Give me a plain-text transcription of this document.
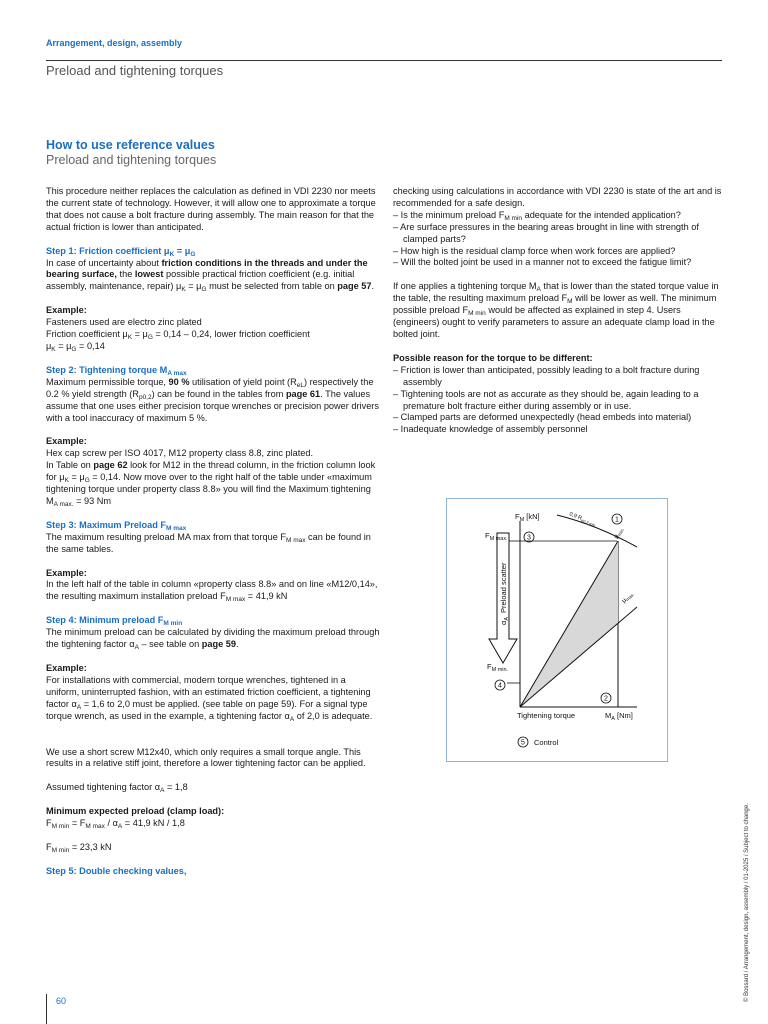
Arrangement, design, assembly
Preload and tightening torques
How to use reference values
Preload and tightening torques

This procedure neither replaces the calculation as defined in VDI 2230 nor meets the current state of technology. However, it will allow one to approximate a torque that does not cause a bolt fracture during assembly. The main reason for that the actual friction is lower than anticipated.

Step 1: Friction coefficient $\mu_K = \mu_G$

In case of uncertainty about friction conditions in the threads and under the bearing surface, the lowest possible practical friction coefficient (e.g. initial assembly, maintenance, repair) $\mu_K = \mu_G$ must be selected from table on page 57.

Example:
Fasteners used are electro zinc plated
Friction coefficient $\mu_K = \mu_G = 0,14 - 0,24$, lower friction coefficient

$\mu_K = \mu_G = 0,14$

Step 2: Tightening torque $M_{A max}$

Maximum permissible torque, 90 % utilisation of yield point $(R_{eL})$ respectively the 0.2 % yield strength $(R_{p0,2})$ can be found in the tables from page 61. The values assume that one uses either precision torque wrenches or precision power drivers with a tool inaccuracy of maximum 5 %.

Example:
Hex cap screw per ISO 4017, M12 property class 8.8, zinc plated.

In Table on page 62 look for M12 in the thread column, in the friction column look for $\mu_K = \mu_G = 0,14$. Now move over to the right half of the table under «maximum tightening torque under property class 8.8» you will find the Maximum tightening $M_{A max.} = 93$ Nm

Step 3: Maximum Preload $F_{M max}$

The maximum resulting preload MA max from that torque $F_{M max}$ can be found in the same tables.

Example:

In the left half of the table in column «property class 8.8» and on line «M12/0,14», the resulting maximum installation preload $F_{M max} = 41,9$ kN

Step 4: Minimum preload $F_{M min}$

The minimum preload can be calculated by dividing the maximum preload through the tightening factor $\alpha_A$ – see table on page 59.

Example:

For installations with commercial, modern torque wrenches, tightened in a uniform, uninterrupted fashion, with an estimated friction coefficient, a tightening factor $\alpha_A = 1,6$ to 2,0 must be applied. (see table on page 59). For a signal type torque wrench, as used in the example, a tightening factor $\alpha_A$ of 2,0 is adequate.

We use a short screw M12x40, which only requires a small torque angle. This results in a relative stiff joint, therefore a lower tightening factor can be applied.

Assumed tightening factor $\alpha_A = 1,8$

Minimum expected preload (clamp load):

$F_{M min} = F_{M max} / \alpha_A = 41,9$ kN / 1,8

$F_{M min} = 23,3$ kN

Step 5: Double checking values,
checking using calculations in accordance with VDI 2230 is state of the art and is recommended for a safe design.
– Is the minimum preload $F_{M min}$ adequate for the intended application?
– Are surface pressures in the bearing areas brought in line with strength of clamped parts?
– How high is the residual clamp force when work forces are applied?
– Will the bolted joint be used in a manner not to exceed the fatigue limit?

If one applies a tightening torque $M_A$ that is lower than the stated torque value in the table, the resulting maximum preload $F_M$ will be lower as well. The minimum possible preload $F_{M min}$ would be affected as explained in step 4. Users (engineers) ought to verify parameters to assure an adequate clamp load in the bolted joint.

Possible reason for the torque to be different:
– Friction is lower than anticipated, possibly leading to a bolt fracture during assembly
– Tightening tools are not as accurate as they should be, again leading to a premature bolt fracture either during assembly or in use.
– Clamped parts are deformed unexpectedly (head embeds into material)
– Inadequate knowledge of assembly personnel
$\alpha_APreload$ scatter
$F_M$ [kN]
$F_{M max.}$
$F_{M min.}$
Tightening torque	$M_A$ [Nm]
0,9 $R_{p0,2 min}$
$\mu_{min.}$
$\mu_{max.}$
1
2
3
4
5 Control
© Bossard / Arrangement, design, assembly / 01-2025 / Subject to change.
60
